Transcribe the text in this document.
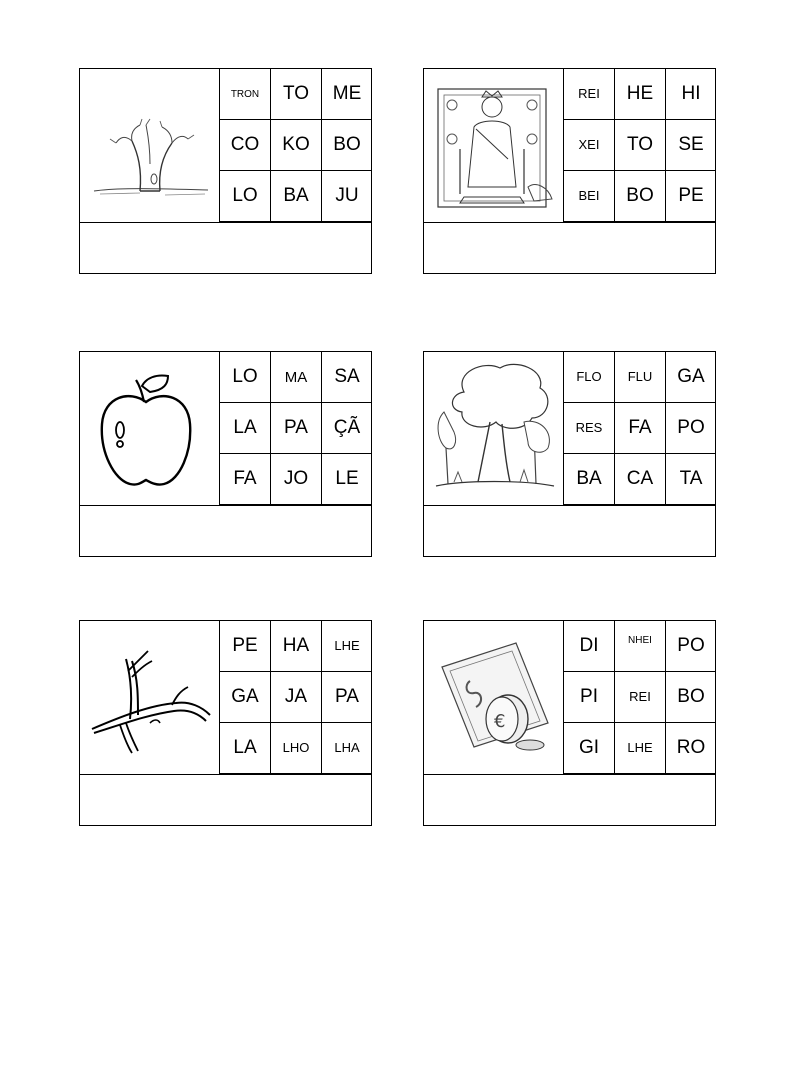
TRON	TO	ME
CO	KO	BO
LO	BA	JU
REI	HE	HI
XEI	TO	SE
BEI	BO	PE
LO	MA	SA
LA	PA	ÇÃ
FA	JO	LE
FLO	FLU	GA
RES	FA	PO
BA	CA	TA
PE	HA	LHE
GA	JA	PA
LA	LHO	LHA
€
DI	NHEI	PO
PI	REI	BO
GI	LHE	RO
